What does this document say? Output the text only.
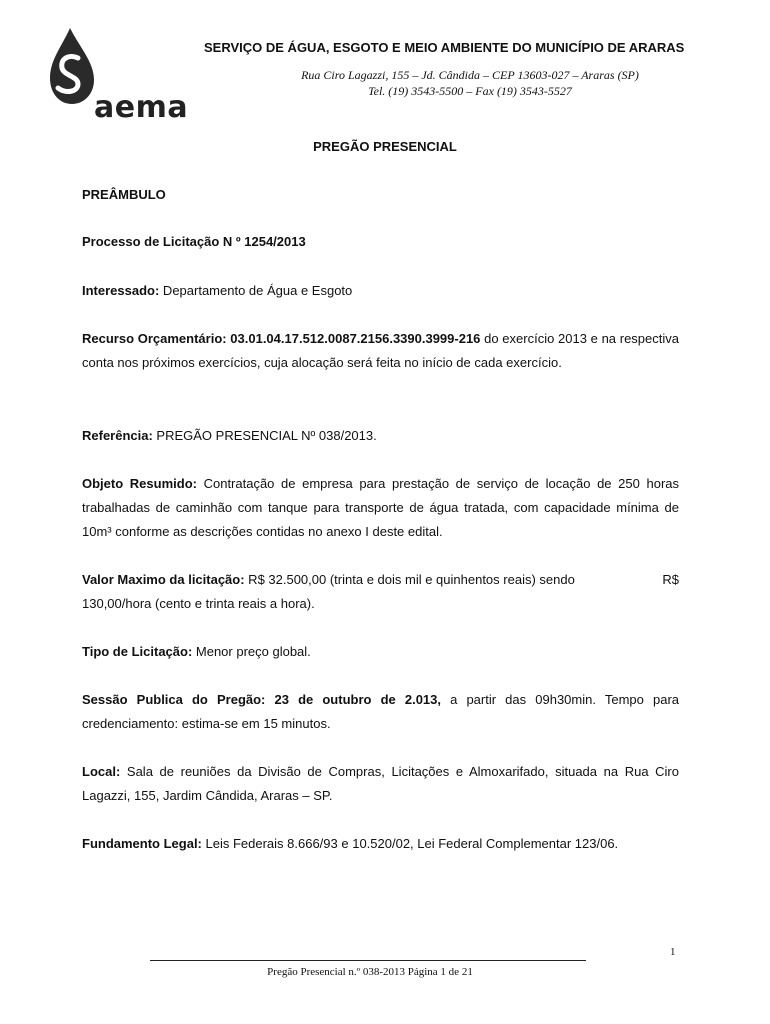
aema
SERVIÇO DE ÁGUA, ESGOTO E MEIO AMBIENTE DO MUNICÍPIO DE ARARAS
Rua Ciro Lagazzi, 155 – Jd. Cândida – CEP 13603-027 – Araras (SP)
Tel. (19) 3543-5500 – Fax (19) 3543-5527
PREGÃO PRESENCIAL
PREÂMBULO
Processo de Licitação N º 1254/2013
Interessado: Departamento de Água e Esgoto
Recurso Orçamentário: 03.01.04.17.512.0087.2156.3390.3999-216 do exercício 2013 e na respectiva conta nos próximos exercícios, cuja alocação será feita no início de cada exercício.
Referência: PREGÃO PRESENCIAL Nº 038/2013.
Objeto Resumido: Contratação de empresa para prestação de serviço de locação de 250 horas trabalhadas de caminhão com tanque para transporte de água tratada, com capacidade mínima de 10m³ conforme as descrições contidas no anexo I deste edital.
Valor Maximo da licitação: R$ 32.500,00 (trinta e dois mil e quinhentos reais) sendo	R$
130,00/hora (cento e trinta reais a hora).
Tipo de Licitação: Menor preço global.
Sessão Publica do Pregão: 23 de outubro de 2.013, a partir das 09h30min. Tempo para credenciamento: estima-se em 15 minutos.
Local: Sala de reuniões da Divisão de Compras, Licitações e Almoxarifado, situada na Rua Ciro Lagazzi, 155, Jardim Cândida, Araras – SP.
Fundamento Legal: Leis Federais 8.666/93 e 10.520/02, Lei Federal Complementar 123/06.
1
Pregão Presencial n.º 038-2013 Página 1 de 21
